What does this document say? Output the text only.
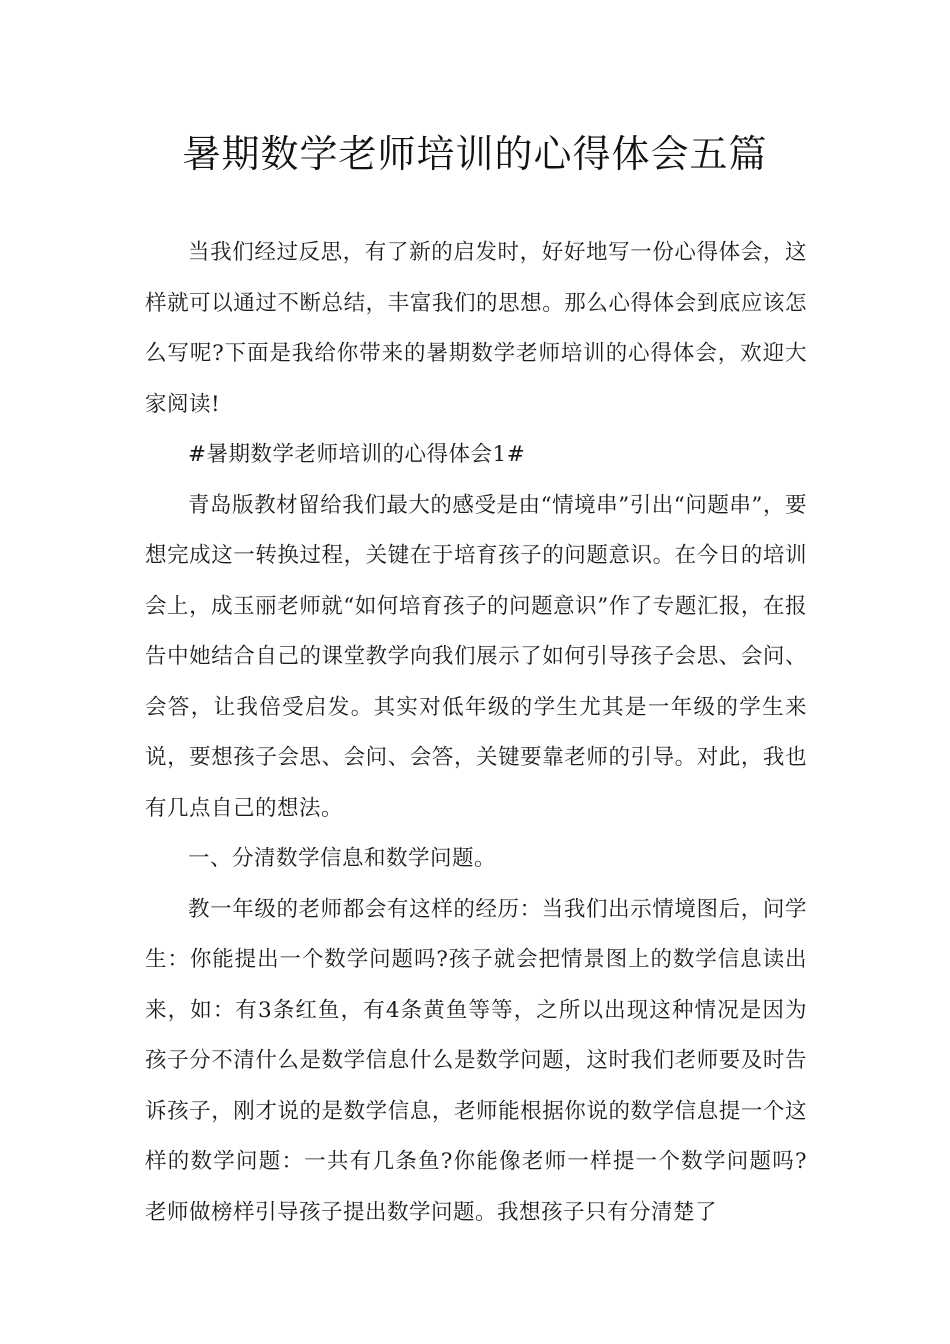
暑期数学老师培训的心得体会五篇

当我们经过反思，有了新的启发时，好好地写一份心得体会，这样就可以通过不断总结，丰富我们的思想。那么心得体会到底应该怎么写呢?下面是我给你带来的暑期数学老师培训的心得体会，欢迎大家阅读!

#暑期数学老师培训的心得体会1#

青岛版教材留给我们最大的感受是由“情境串”引出“问题串”，要想完成这一转换过程，关键在于培育孩子的问题意识。在今日的培训会上，成玉丽老师就“如何培育孩子的问题意识”作了专题汇报，在报告中她结合自己的课堂教学向我们展示了如何引导孩子会思、会问、会答，让我倍受启发。其实对低年级的学生尤其是一年级的学生来说，要想孩子会思、会问、会答，关键要靠老师的引导。对此，我也有几点自己的想法。

一、分清数学信息和数学问题。

教一年级的老师都会有这样的经历：当我们出示情境图后，问学生：你能提出一个数学问题吗?孩子就会把情景图上的数学信息读出来，如：有3条红鱼，有4条黄鱼等等，之所以出现这种情况是因为孩子分不清什么是数学信息什么是数学问题，这时我们老师要及时告诉孩子，刚才说的是数学信息，老师能根据你说的数学信息提一个这样的数学问题：一共有几条鱼?你能像老师一样提一个数学问题吗?老师做榜样引导孩子提出数学问题。我想孩子只有分清楚了
